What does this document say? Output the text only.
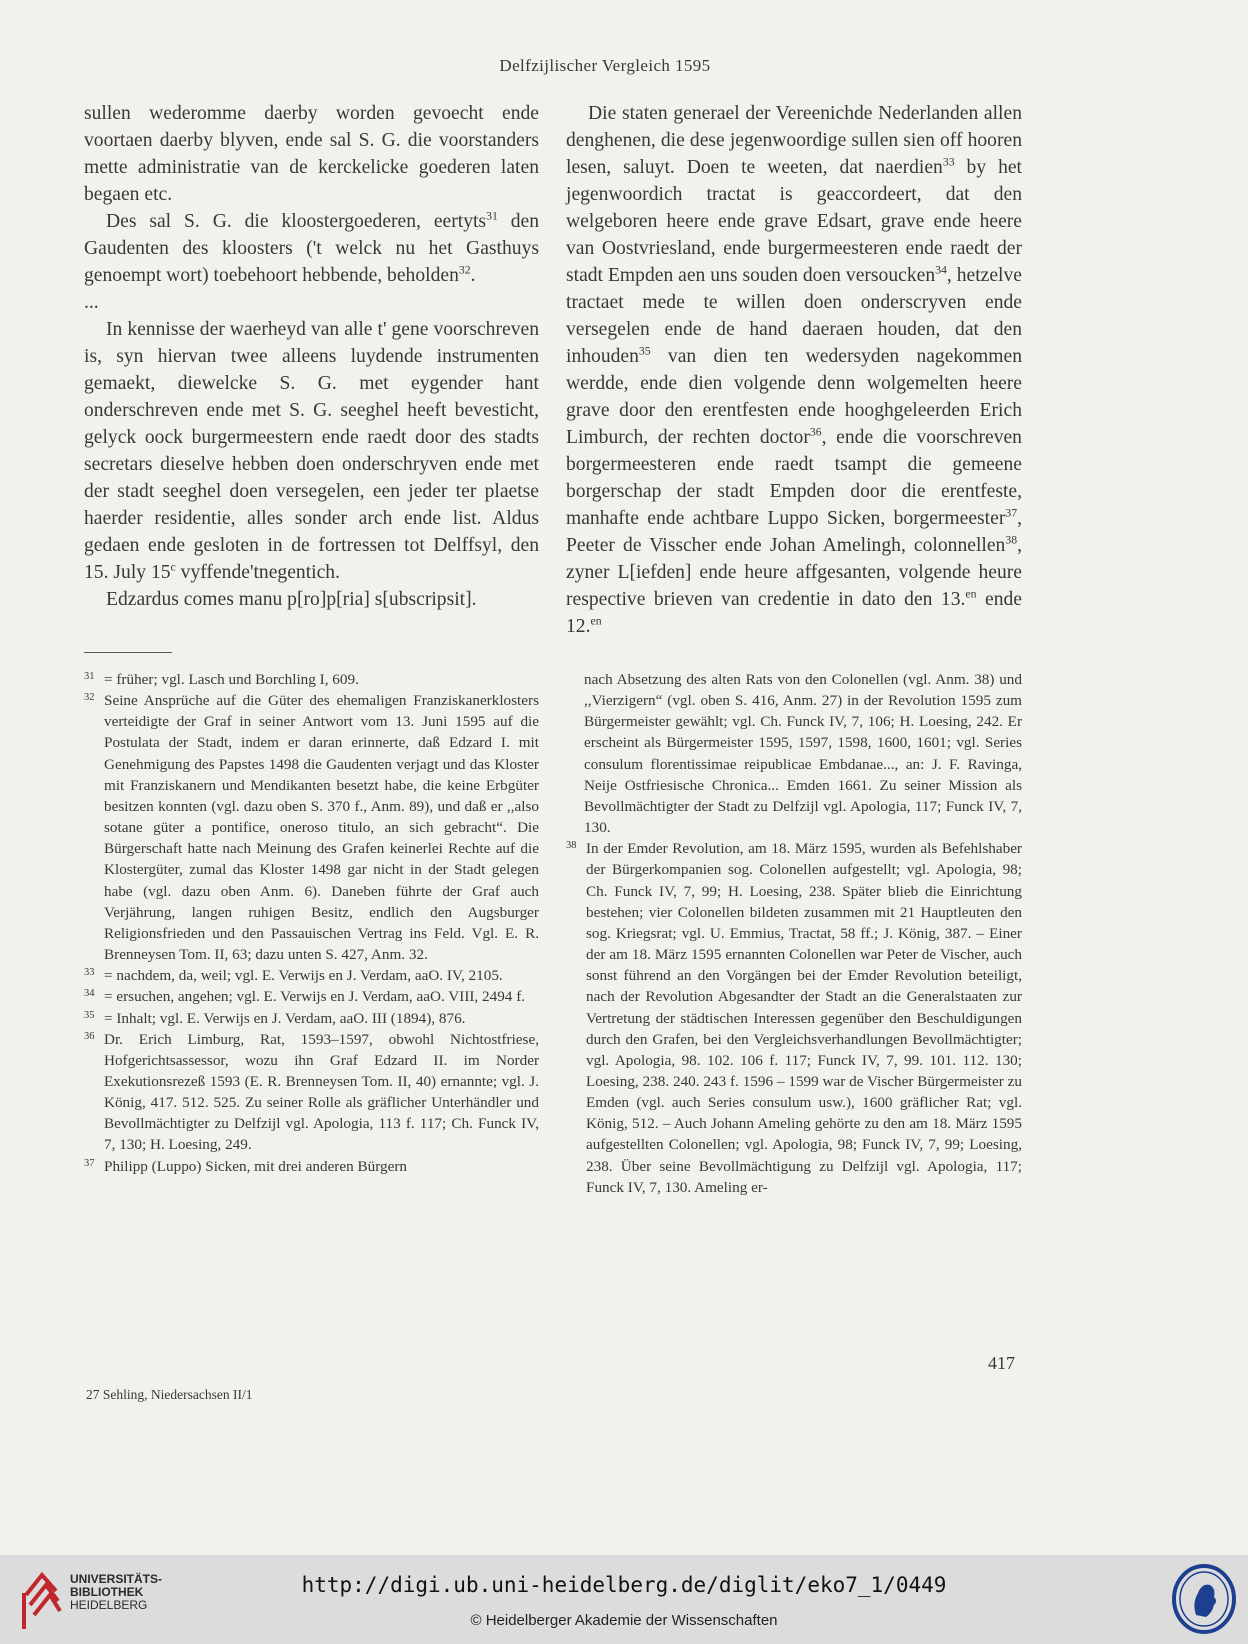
Delfzijlischer Vergleich 1595

sullen wederomme daerby worden gevoecht ende voortaen daerby blyven, ende sal S. G. die voorstanders mette administratie van de kerckelicke goederen laten begaen etc.

Des sal S. G. die kloostergoederen, eertyts$^{31}$ den Gaudenten des kloosters ('t welck nu het Gasthuys genoempt wort) toebehoort hebbende, beholden$^{32}$.

...

In kennisse der waerheyd van alle t' gene voorschreven is, syn hiervan twee alleens luydende instrumenten gemaekt, diewelcke S. G. met eygender hant onderschreven ende met S. G. seeghel heeft bevesticht, gelyck oock burgermeestern ende raedt door des stadts secretars dieselve hebben doen onderschryven ende met der stadt seeghel doen versegelen, een jeder ter plaetse haerder residentie, alles sonder arch ende list. Aldus gedaen ende gesloten in de fortressen tot Delffsyl, den 15. July 15$^c$ vyffende'tnegentich.

Edzardus comes manu p[ro]p[ria] s[ubscripsit].

Die staten generael der Vereenichde Nederlanden allen denghenen, die dese jegenwoordige sullen sien off hooren lesen, saluyt. Doen te weeten, dat naerdien$^{33}$ by het jegenwoordich tractat is geaccordeert, dat den welgeboren heere ende grave Edsart, grave ende heere van Oostvriesland, ende burgermeesteren ende raedt der stadt Empden aen uns souden doen versoucken$^{34}$, hetzelve tractaet mede te willen doen onderscryven ende versegelen ende de hand daeraen houden, dat den inhouden$^{35}$ van dien ten wedersyden nagekommen werdde, ende dien volgende denn wolgemelten heere grave door den erentfesten ende hooghgeleerden Erich Limburch, der rechten doctor$^{36}$, ende die voorschreven borgermeesteren ende raedt tsampt die gemeene borgerschap der stadt Empden door die erentfeste, manhafte ende achtbare Luppo Sicken, borgermeester$^{37}$, Peeter de Visscher ende Johan Amelingh, colonnellen$^{38}$, zyner L[iefden] ende heure affgesanten, volgende heure respective brieven van credentie in dato den 13.$^{en}$ ende 12.$^{en}$

31 = früher; vgl. Lasch und Borchling I, 609.
32 Seine Ansprüche auf die Güter des ehemaligen Franziskanerklosters verteidigte der Graf in seiner Antwort vom 13. Juni 1595 auf die Postulata der Stadt, indem er daran erinnerte, daß Edzard I. mit Genehmigung des Papstes 1498 die Gaudenten verjagt und das Kloster mit Franziskanern und Mendikanten besetzt habe, die keine Erbgüter besitzen konnten (vgl. dazu oben S. 370 f., Anm. 89), und daß er ,,also sotane güter a pontifice, oneroso titulo, an sich gebracht“. Die Bürgerschaft hatte nach Meinung des Grafen keinerlei Rechte auf die Klostergüter, zumal das Kloster 1498 gar nicht in der Stadt gelegen habe (vgl. dazu oben Anm. 6). Daneben führte der Graf auch Verjährung, langen ruhigen Besitz, endlich den Augsburger Religionsfrieden und den Passauischen Vertrag ins Feld. Vgl. E. R. Brenneysen Tom. II, 63; dazu unten S. 427, Anm. 32.
33 = nachdem, da, weil; vgl. E. Verwijs en J. Verdam, aaO. IV, 2105.
34 = ersuchen, angehen; vgl. E. Verwijs en J. Verdam, aaO. VIII, 2494 f.
35 = Inhalt; vgl. E. Verwijs en J. Verdam, aaO. III (1894), 876.
36 Dr. Erich Limburg, Rat, 1593–1597, obwohl Nichtostfriese, Hofgerichtsassessor, wozu ihn Graf Edzard II. im Norder Exekutionsrezeß 1593 (E. R. Brenneysen Tom. II, 40) ernannte; vgl. J. König, 417. 512. 525. Zu seiner Rolle als gräflicher Unterhändler und Bevollmächtigter zu Delfzijl vgl. Apologia, 113 f. 117; Ch. Funck IV, 7, 130; H. Loesing, 249.
37 Philipp (Luppo) Sicken, mit drei anderen Bürgern
nach Absetzung des alten Rats von den Colonellen (vgl. Anm. 38) und ,,Vierzigern“ (vgl. oben S. 416, Anm. 27) in der Revolution 1595 zum Bürgermeister gewählt; vgl. Ch. Funck IV, 7, 106; H. Loesing, 242. Er erscheint als Bürgermeister 1595, 1597, 1598, 1600, 1601; vgl. Series consulum florentissimae reipublicae Embdanae..., an: J. F. Ravinga, Neije Ostfriesische Chronica... Emden 1661. Zu seiner Mission als Bevollmächtigter der Stadt zu Delfzijl vgl. Apologia, 117; Funck IV, 7, 130.
38 In der Emder Revolution, am 18. März 1595, wurden als Befehlshaber der Bürgerkompanien sog. Colonellen aufgestellt; vgl. Apologia, 98; Ch. Funck IV, 7, 99; H. Loesing, 238. Später blieb die Einrichtung bestehen; vier Colonellen bildeten zusammen mit 21 Hauptleuten den sog. Kriegsrat; vgl. U. Emmius, Tractat, 58 ff.; J. König, 387. – Einer der am 18. März 1595 ernannten Colonellen war Peter de Vischer, auch sonst führend an den Vorgängen bei der Emder Revolution beteiligt, nach der Revolution Abgesandter der Stadt an die Generalstaaten zur Vertretung der städtischen Interessen gegenüber den Beschuldigungen durch den Grafen, bei den Vergleichsverhandlungen Bevollmächtigter; vgl. Apologia, 98. 102. 106 f. 117; Funck IV, 7, 99. 101. 112. 130; Loesing, 238. 240. 243 f. 1596 – 1599 war de Vischer Bürgermeister zu Emden (vgl. auch Series consulum usw.), 1600 gräflicher Rat; vgl. König, 512. – Auch Johann Ameling gehörte zu den am 18. März 1595 aufgestellten Colonellen; vgl. Apologia, 98; Funck IV, 7, 99; Loesing, 238. Über seine Bevollmächtigung zu Delfzijl vgl. Apologia, 117; Funck IV, 7, 130. Ameling er-
417
27 Sehling, Niedersachsen II/1
UNIVERSITÄTS-
BIBLIOTHEK
HEIDELBERG
http://digi.ub.uni-heidelberg.de/diglit/eko7_1/0449
© Heidelberger Akademie der Wissenschaften
